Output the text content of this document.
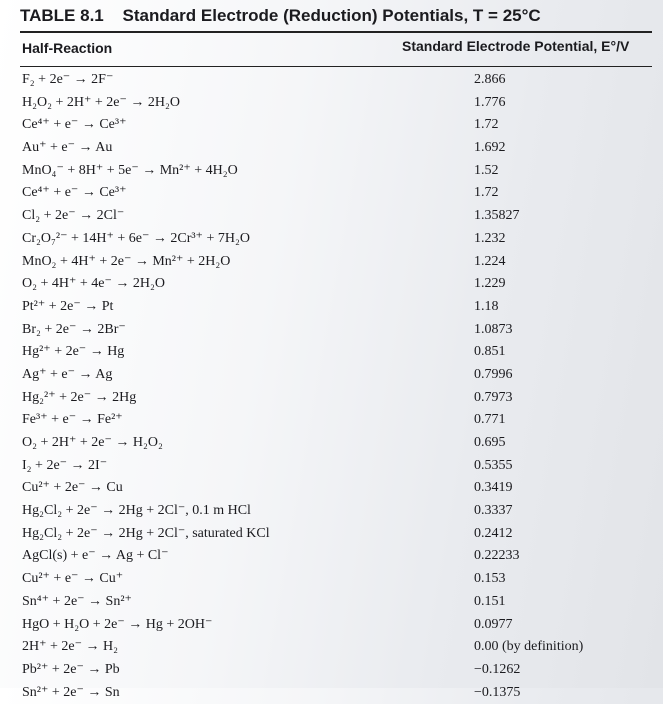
TABLE 8.1 Standard Electrode (Reduction) Potentials, T = 25°C
Half-Reaction	Standard Electrode Potential, E°/V
F₂ + 2e⁻ → 2F⁻	2.866
H₂O₂ + 2H⁺ + 2e⁻ → 2H₂O	1.776
Ce⁴⁺ + e⁻ → Ce³⁺	1.72
Au⁺ + e⁻ → Au	1.692
MnO₄⁻ + 8H⁺ + 5e⁻ → Mn²⁺ + 4H₂O	1.52
Ce⁴⁺ + e⁻ → Ce³⁺	1.72
Cl₂ + 2e⁻ → 2Cl⁻	1.35827
Cr₂O₇²⁻ + 14H⁺ + 6e⁻ → 2Cr³⁺ + 7H₂O	1.232
MnO₂ + 4H⁺ + 2e⁻ → Mn²⁺ + 2H₂O	1.224
O₂ + 4H⁺ + 4e⁻ → 2H₂O	1.229
Pt²⁺ + 2e⁻ → Pt	1.18
Br₂ + 2e⁻ → 2Br⁻	1.0873
Hg²⁺ + 2e⁻ → Hg	0.851
Ag⁺ + e⁻ → Ag	0.7996
Hg₂²⁺ + 2e⁻ → 2Hg	0.7973
Fe³⁺ + e⁻ → Fe²⁺	0.771
O₂ + 2H⁺ + 2e⁻ → H₂O₂	0.695
I₂ + 2e⁻ → 2I⁻	0.5355
Cu²⁺ + 2e⁻ → Cu	0.3419
Hg₂Cl₂ + 2e⁻ → 2Hg + 2Cl⁻, 0.1 m HCl	0.3337
Hg₂Cl₂ + 2e⁻ → 2Hg + 2Cl⁻, saturated KCl	0.2412
AgCl(s) + e⁻ → Ag + Cl⁻	0.22233
Cu²⁺ + e⁻ → Cu⁺	0.153
Sn⁴⁺ + 2e⁻ → Sn²⁺	0.151
HgO + H₂O + 2e⁻ → Hg + 2OH⁻	0.0977
2H⁺ + 2e⁻ → H₂	0.00 (by definition)
Pb²⁺ + 2e⁻ → Pb	−0.1262
Sn²⁺ + 2e⁻ → Sn	−0.1375
